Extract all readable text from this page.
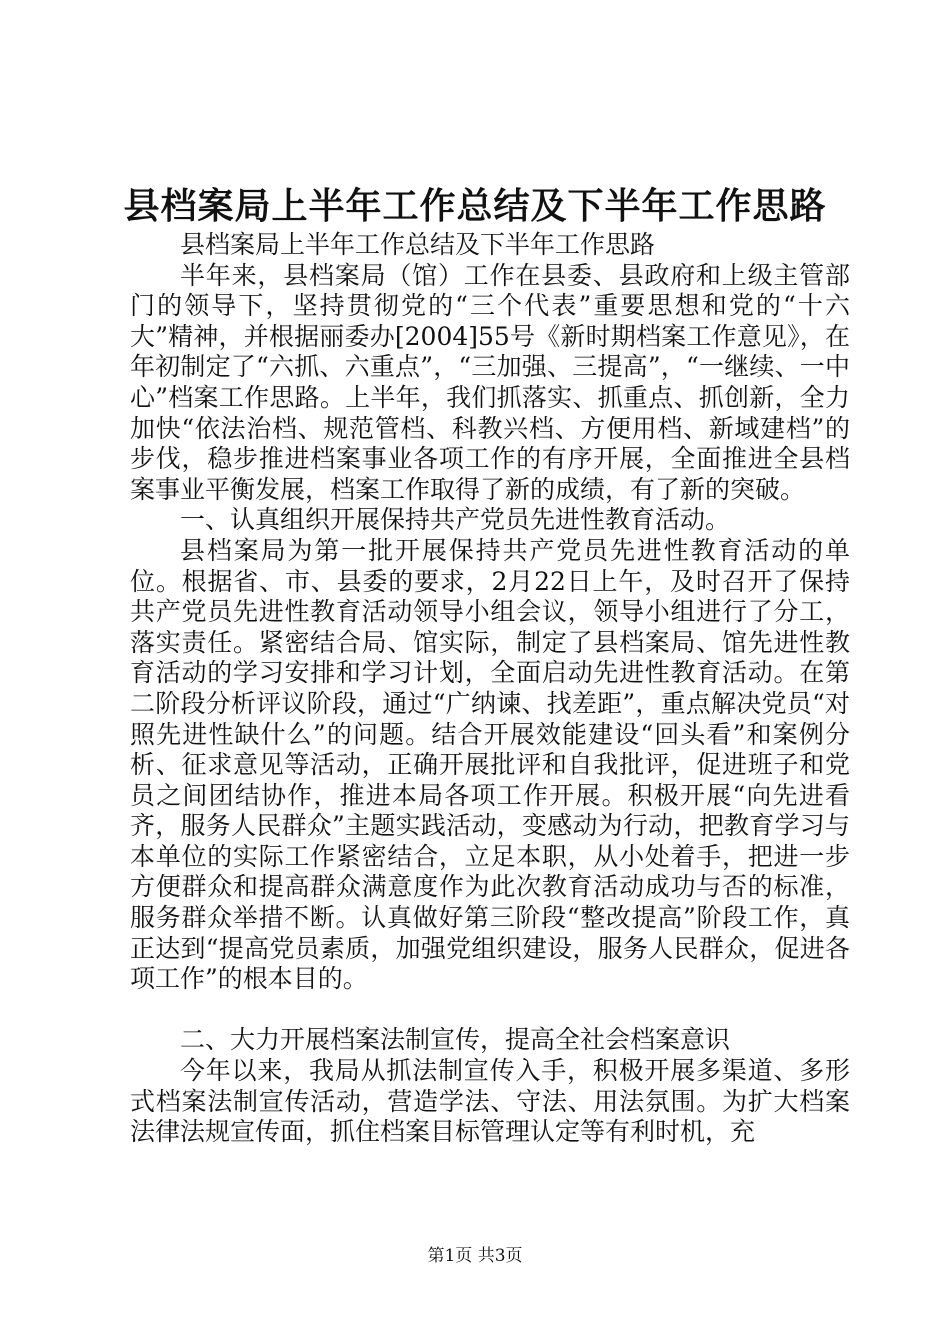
县档案局上半年工作总结及下半年工作思路

县档案局上半年工作总结及下半年工作思路

半年来，县档案局（馆）工作在县委、县政府和上级主管部门的领导下，坚持贯彻党的“三个代表”重要思想和党的“十六大”精神，并根据丽委办[2004]55号《新时期档案工作意见》，在年初制定了“六抓、六重点”，“三加强、三提高”，“一继续、一中心”档案工作思路。上半年，我们抓落实、抓重点、抓创新，全力加快“依法治档、规范管档、科教兴档、方便用档、新域建档”的步伐，稳步推进档案事业各项工作的有序开展，全面推进全县档案事业平衡发展，档案工作取得了新的成绩，有了新的突破。

一、认真组织开展保持共产党员先进性教育活动。

县档案局为第一批开展保持共产党员先进性教育活动的单位。根据省、市、县委的要求，2月22日上午，及时召开了保持共产党员先进性教育活动领导小组会议，领导小组进行了分工，落实责任。紧密结合局、馆实际，制定了县档案局、馆先进性教育活动的学习安排和学习计划，全面启动先进性教育活动。在第二阶段分析评议阶段，通过“广纳谏、找差距”，重点解决党员“对照先进性缺什么”的问题。结合开展效能建设“回头看”和案例分析、征求意见等活动，正确开展批评和自我批评，促进班子和党员之间团结协作，推进本局各项工作开展。积极开展“向先进看齐，服务人民群众”主题实践活动，变感动为行动，把教育学习与本单位的实际工作紧密结合，立足本职，从小处着手，把进一步方便群众和提高群众满意度作为此次教育活动成功与否的标准，服务群众举措不断。认真做好第三阶段“整改提高”阶段工作，真正达到“提高党员素质，加强党组织建设，服务人民群众，促进各项工作”的根本目的。

二、大力开展档案法制宣传，提高全社会档案意识

今年以来，我局从抓法制宣传入手，积极开展多渠道、多形式档案法制宣传活动，营造学法、守法、用法氛围。为扩大档案法律法规宣传面，抓住档案目标管理认定等有利时机，充

第1页 共3页
